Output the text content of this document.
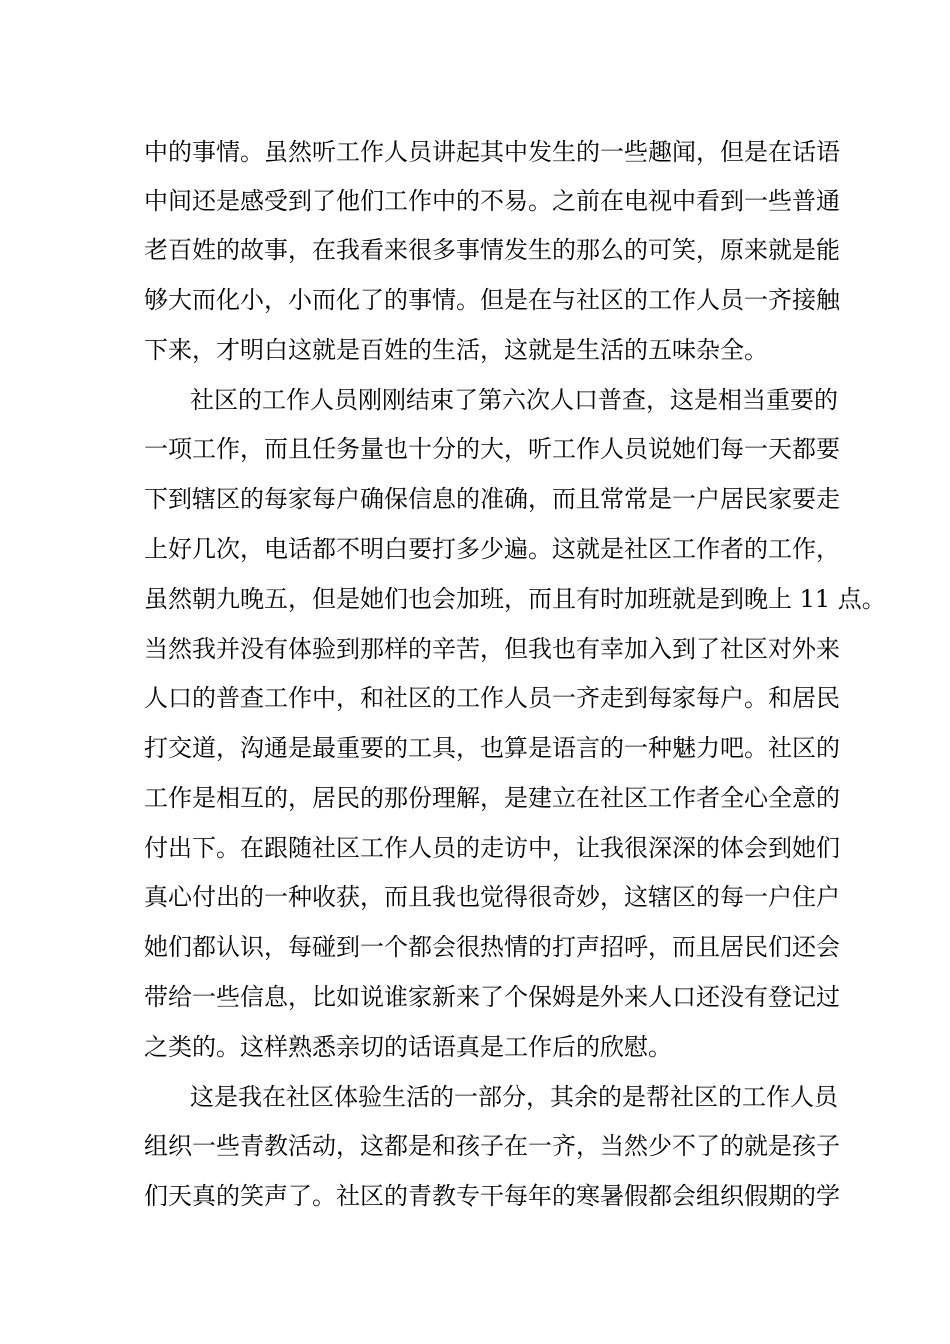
中的事情。虽然听工作人员讲起其中发生的一些趣闻，但是在话语
中间还是感受到了他们工作中的不易。之前在电视中看到一些普通
老百姓的故事，在我看来很多事情发生的那么的可笑，原来就是能
够大而化小，小而化了的事情。但是在与社区的工作人员一齐接触
下来，才明白这就是百姓的生活，这就是生活的五味杂全。
社区的工作人员刚刚结束了第六次人口普查，这是相当重要的
一项工作，而且任务量也十分的大，听工作人员说她们每一天都要
下到辖区的每家每户确保信息的准确，而且常常是一户居民家要走
上好几次，电话都不明白要打多少遍。这就是社区工作者的工作，
虽然朝九晚五，但是她们也会加班，而且有时加班就是到晚上 11 点。
当然我并没有体验到那样的辛苦，但我也有幸加入到了社区对外来
人口的普查工作中，和社区的工作人员一齐走到每家每户。和居民
打交道，沟通是最重要的工具，也算是语言的一种魅力吧。社区的
工作是相互的，居民的那份理解，是建立在社区工作者全心全意的
付出下。在跟随社区工作人员的走访中，让我很深深的体会到她们
真心付出的一种收获，而且我也觉得很奇妙，这辖区的每一户住户
她们都认识，每碰到一个都会很热情的打声招呼，而且居民们还会
带给一些信息，比如说谁家新来了个保姆是外来人口还没有登记过
之类的。这样熟悉亲切的话语真是工作后的欣慰。
这是我在社区体验生活的一部分，其余的是帮社区的工作人员
组织一些青教活动，这都是和孩子在一齐，当然少不了的就是孩子
们天真的笑声了。社区的青教专干每年的寒暑假都会组织假期的学
